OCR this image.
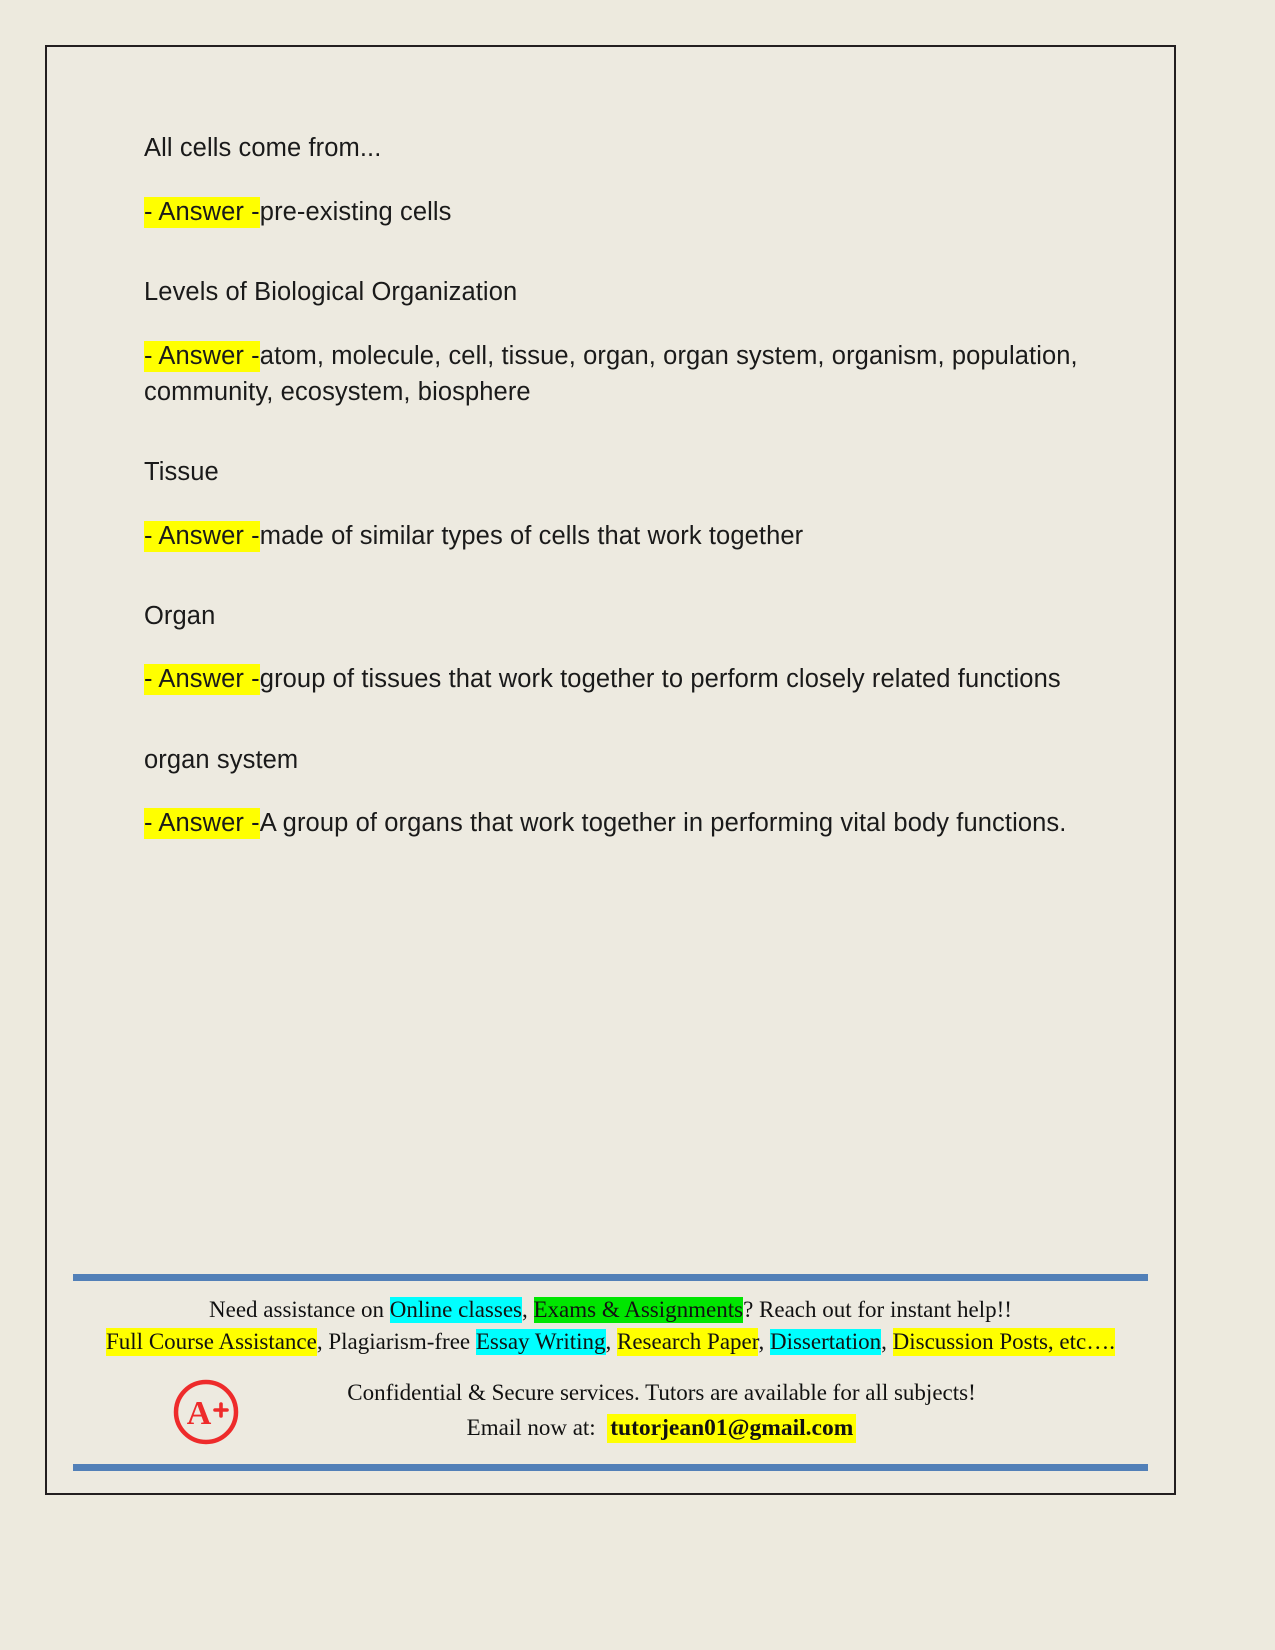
All cells come from...

- Answer -pre-existing cells

Levels of Biological Organization

- Answer -atom, molecule, cell, tissue, organ, organ system, organism, population, community, ecosystem, biosphere

Tissue

- Answer -made of similar types of cells that work together

Organ

- Answer -group of tissues that work together to perform closely related functions

organ system

- Answer -A group of organs that work together in performing vital body functions.

Need assistance on Online classes, Exams & Assignments? Reach out for instant help!!
Full Course Assistance, Plagiarism-free Essay Writing, Research Paper, Dissertation, Discussion Posts, etc….
A
Confidential & Secure services. Tutors are available for all subjects!
Email now at: tutorjean01@gmail.com
